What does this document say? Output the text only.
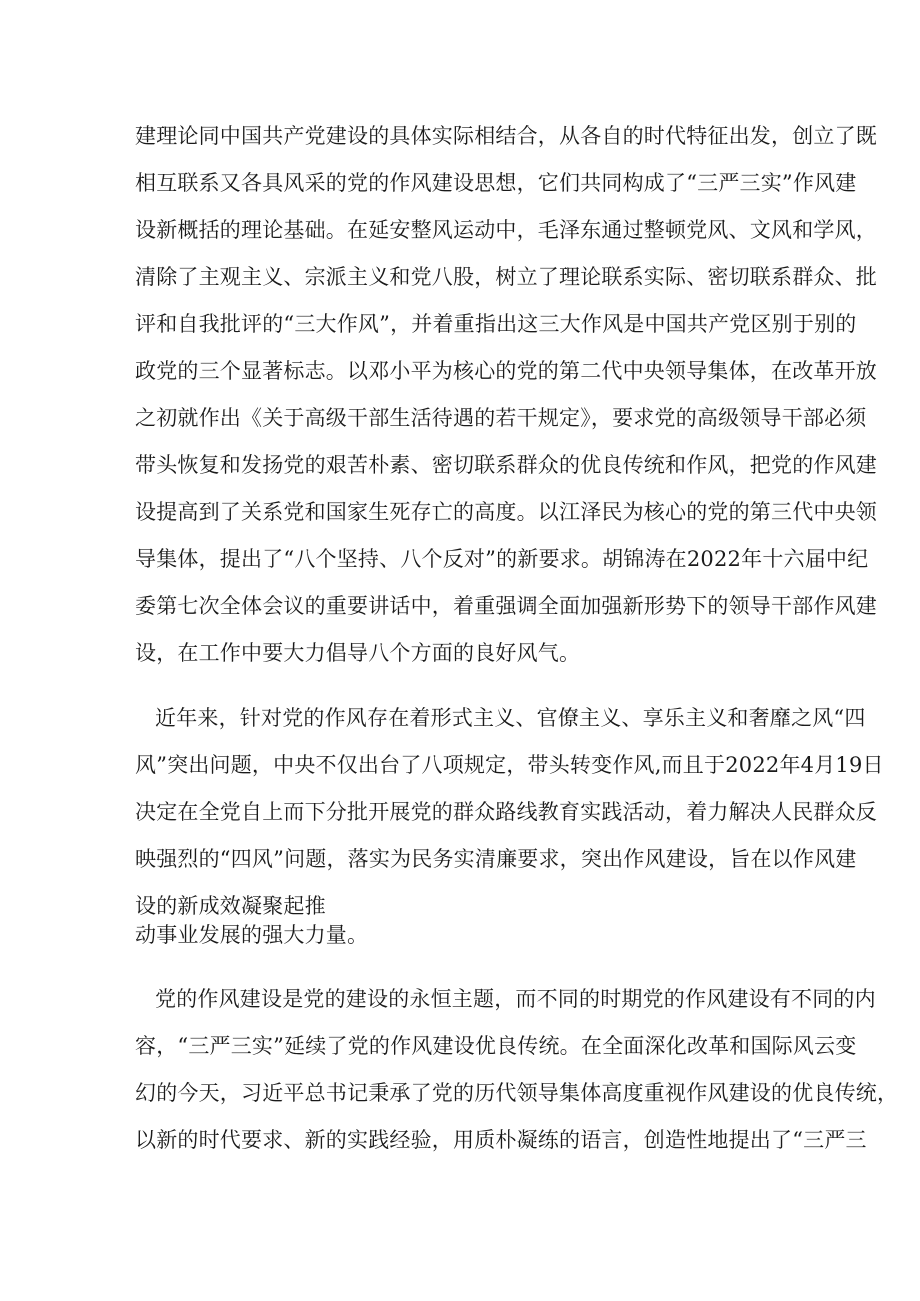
建理论同中国共产党建设的具体实际相结合，从各自的时代特征出发，创立了既
相互联系又各具风采的党的作风建设思想，它们共同构成了“三严三实”作风建
设新概括的理论基础。在延安整风运动中，毛泽东通过整顿党风、文风和学风，
清除了主观主义、宗派主义和党八股，树立了理论联系实际、密切联系群众、批
评和自我批评的“三大作风”，并着重指出这三大作风是中国共产党区别于别的
政党的三个显著标志。以邓小平为核心的党的第二代中央领导集体，在改革开放
之初就作出《关于高级干部生活待遇的若干规定》，要求党的高级领导干部必须
带头恢复和发扬党的艰苦朴素、密切联系群众的优良传统和作风，把党的作风建
设提高到了关系党和国家生死存亡的高度。以江泽民为核心的党的第三代中央领
导集体，提出了“八个坚持、八个反对”的新要求。胡锦涛在2022年十六届中纪
委第七次全体会议的重要讲话中，着重强调全面加强新形势下的领导干部作风建
设，在工作中要大力倡导八个方面的良好风气。
近年来，针对党的作风存在着形式主义、官僚主义、享乐主义和奢靡之风“四
风”突出问题，中央不仅出台了八项规定，带头转变作风,而且于2022年4月19日
决定在全党自上而下分批开展党的群众路线教育实践活动，着力解决人民群众反
映强烈的“四风”问题，落实为民务实清廉要求，突出作风建设，旨在以作风建
设的新成效凝聚起推
动事业发展的强大力量。
党的作风建设是党的建设的永恒主题，而不同的时期党的作风建设有不同的内
容，“三严三实”延续了党的作风建设优良传统。在全面深化改革和国际风云变
幻的今天，习近平总书记秉承了党的历代领导集体高度重视作风建设的优良传统，
以新的时代要求、新的实践经验，用质朴凝练的语言，创造性地提出了“三严三
